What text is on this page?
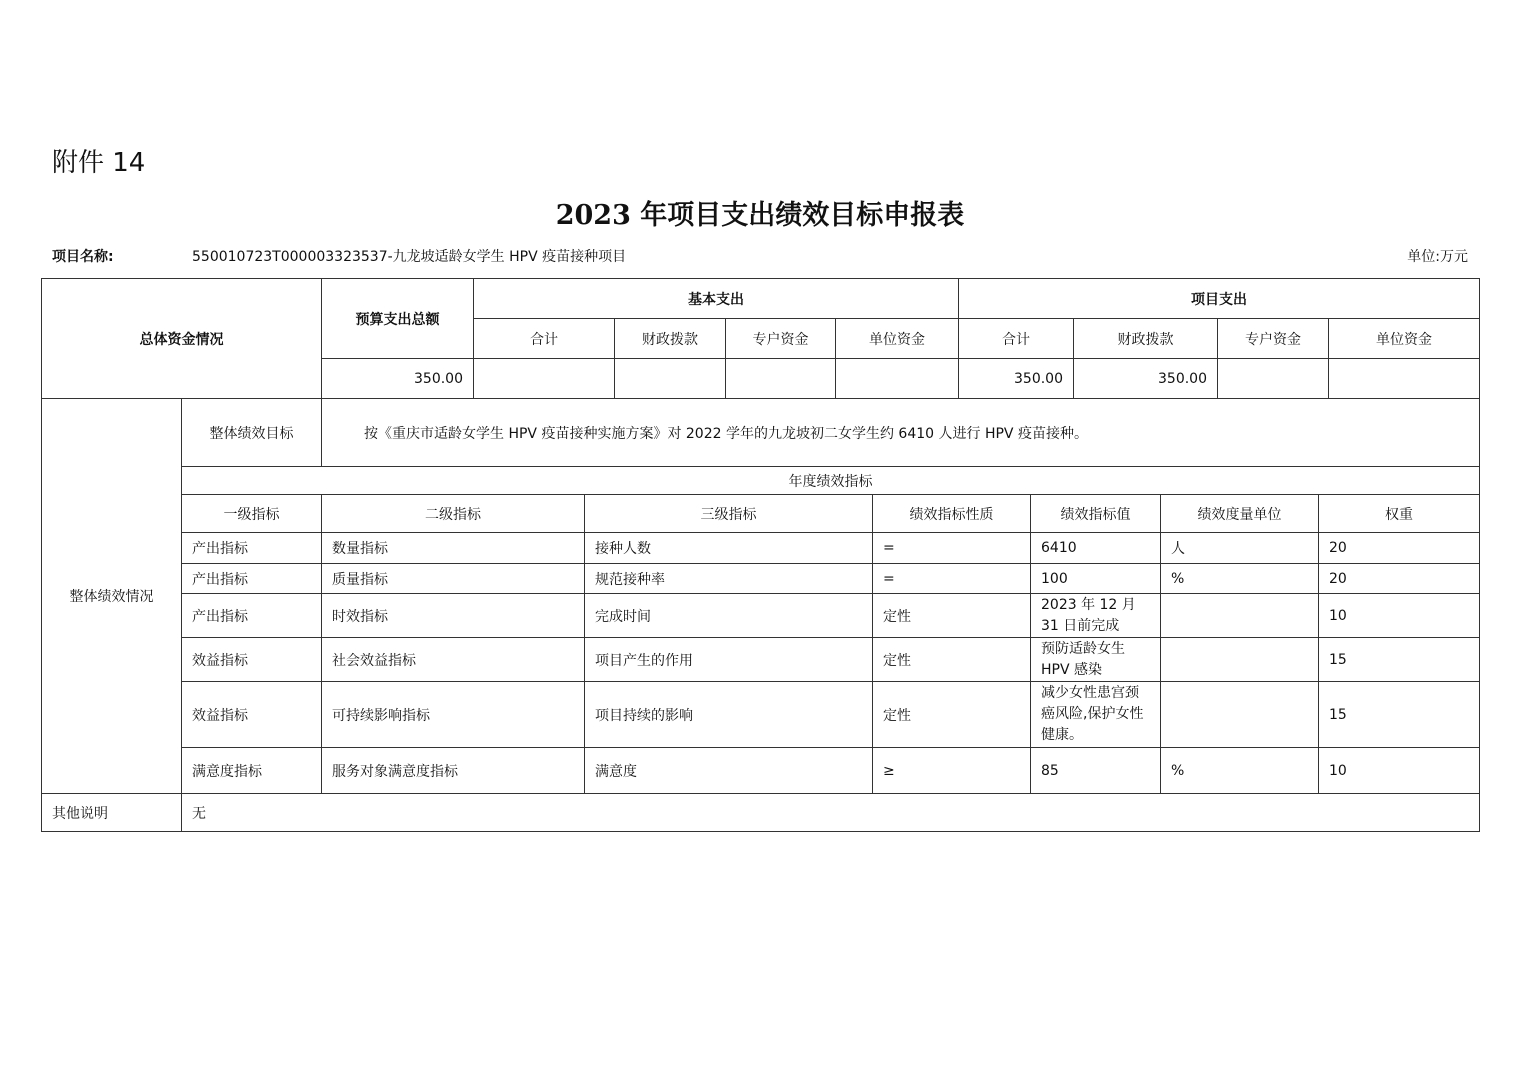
附件 14
2023 年项目支出绩效目标申报表
项目名称:	550010723T000003323537-九龙坡适龄女学生 HPV 疫苗接种项目	单位:万元
总体资金情况	预算支出总额	基本支出				项目支出			
		合计	财政拨款	专户资金	单位资金	合计	财政拨款	专户资金	单位资金
	350.00					350.00	350.00		
整体绩效情况	整体绩效目标	按《重庆市适龄女学生 HPV 疫苗接种实施方案》对 2022 学年的九龙坡初二女学生约 6410 人进行 HPV 疫苗接种。					
	年度绩效指标						
	一级指标	二级指标	三级指标	绩效指标性质	绩效指标值	绩效度量单位	权重
	产出指标	数量指标	接种人数	=	6410	人	20
	产出指标	质量指标	规范接种率	=	100	%	20
	产出指标	时效指标	完成时间	定性	2023 年 12 月 31 日前完成		10
	效益指标	社会效益指标	项目产生的作用	定性	预防适龄女生 HPV 感染		15
	效益指标	可持续影响指标	项目持续的影响	定性	减少女性患宫颈癌风险,保护女性健康。		15
	满意度指标	服务对象满意度指标	满意度	≥	85	%	10
其他说明	无						
